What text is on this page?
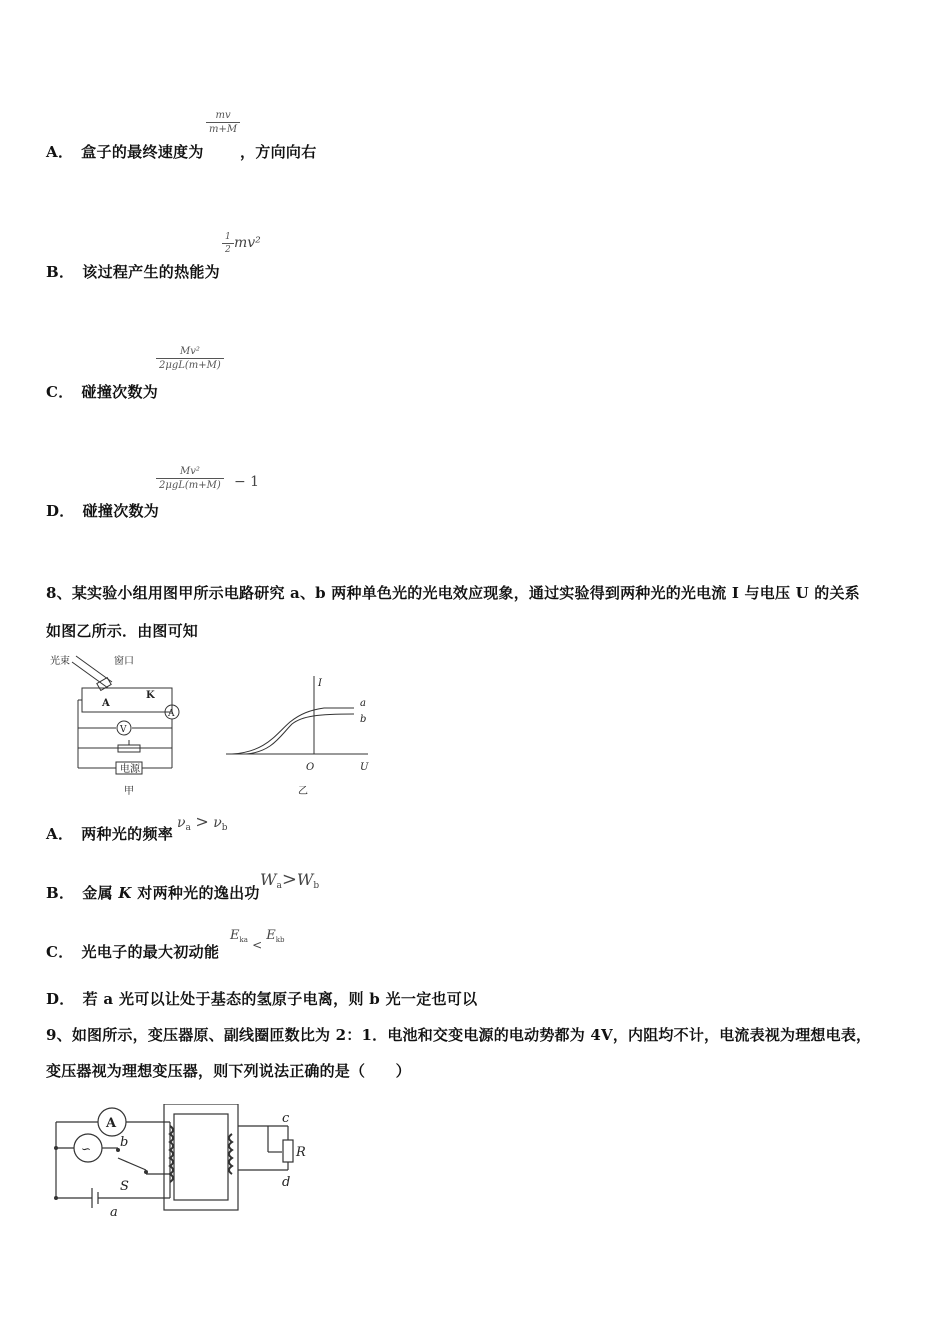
A． 盒子的最终速度为
mv
m+M
，方向向右
B． 该过程产生的热能为
1
2 mv²
C． 碰撞次数为
Mv²
2μgL(m+M)
D． 碰撞次数为
Mv²
2μgL(m+M) − 1
8、某实验小组用图甲所示电路研究 a、b 两种单色光的光电效应现象，通过实验得到两种光的光电流 I 与电压 U 的关系
如图乙所示．由图可知
光束	窗口
A
K
V
A
电源
甲
I
U
O
a
b
乙
A． 两种光的频率
$\nu_a > \nu_b$
B． 金属 K 对两种光的逸出功
$W_a>W_b$
C． 光电子的最大初动能
$E_{ka} < E_{kb}$
D． 若 a 光可以让处于基态的氢原子电离，则 b 光一定也可以
9、如图所示，变压器原、副线圈匝数比为 2：1．电池和交变电源的电动势都为 4V，内阻均不计，电流表视为理想电表，
变压器视为理想变压器，则下列说法正确的是（　　）
A
∽ b
S
a
c
d
R
